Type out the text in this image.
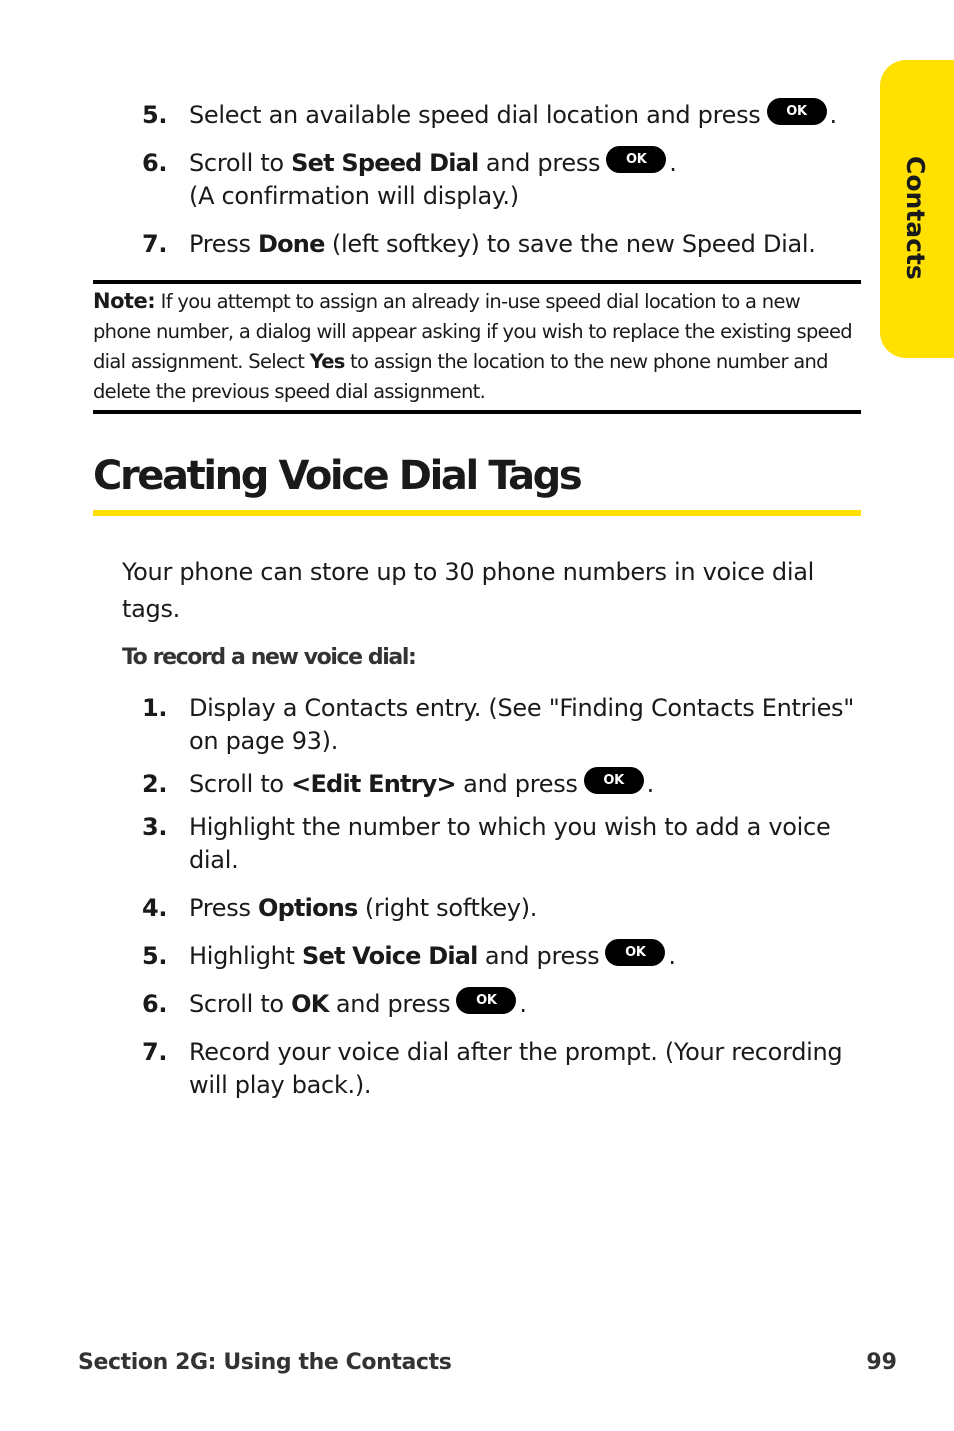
Contacts
5. Select an available speed dial location and press OK .
6. Scroll to Set Speed Dial and press OK .
(A confirmation will display.)
7. Press Done (left softkey) to save the new Speed Dial.
Note: If you attempt to assign an already in-use speed dial location to a new phone number, a dialog will appear asking if you wish to replace the existing speed dial assignment. Select Yes to assign the location to the new phone number and delete the previous speed dial assignment.
Creating Voice Dial Tags
Your phone can store up to 30 phone numbers in voice dial tags.
To record a new voice dial:
1. Display a Contacts entry. (See "Finding Contacts Entries" on page 93).
2. Scroll to <Edit Entry> and press OK .
3. Highlight the number to which you wish to add a voice dial.
4. Press Options (right softkey).
5. Highlight Set Voice Dial and press OK .
6. Scroll to OK and press OK .
7. Record your voice dial after the prompt. (Your recording will play back.).
Section 2G: Using the Contacts	99
